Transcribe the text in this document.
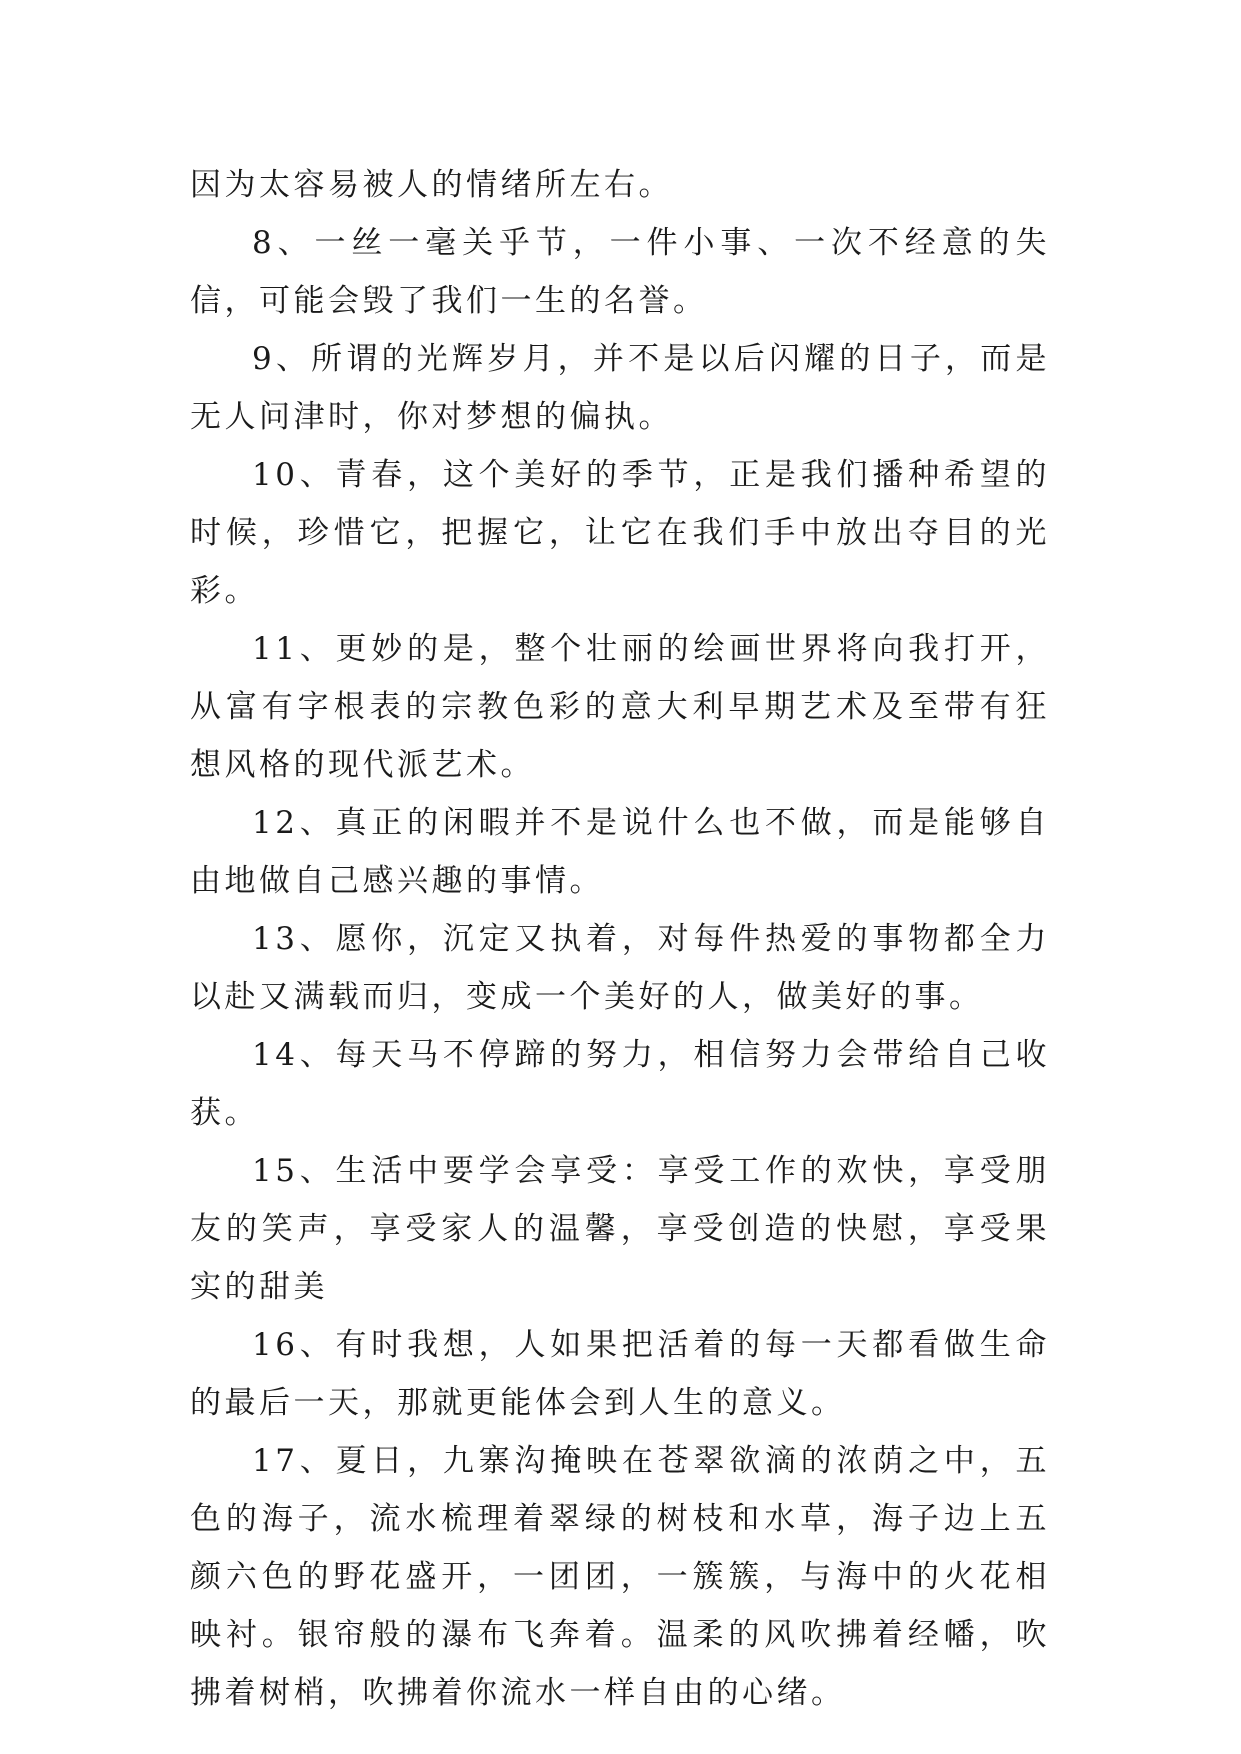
因为太容易被人的情绪所左右。

8、一丝一毫关乎节，一件小事、一次不经意的失信，可能会毁了我们一生的名誉。

9、所谓的光辉岁月，并不是以后闪耀的日子，而是无人问津时，你对梦想的偏执。

10、青春，这个美好的季节，正是我们播种希望的时候，珍惜它，把握它，让它在我们手中放出夺目的光彩。

11、更妙的是，整个壮丽的绘画世界将向我打开，从富有字根表的宗教色彩的意大利早期艺术及至带有狂想风格的现代派艺术。

12、真正的闲暇并不是说什么也不做，而是能够自由地做自己感兴趣的事情。

13、愿你，沉定又执着，对每件热爱的事物都全力以赴又满载而归，变成一个美好的人，做美好的事。

14、每天马不停蹄的努力，相信努力会带给自己收获。

15、生活中要学会享受：享受工作的欢快，享受朋友的笑声，享受家人的温馨，享受创造的快慰，享受果实的甜美

16、有时我想，人如果把活着的每一天都看做生命的最后一天，那就更能体会到人生的意义。

17、夏日，九寨沟掩映在苍翠欲滴的浓荫之中，五色的海子，流水梳理着翠绿的树枝和水草，海子边上五颜六色的野花盛开，一团团，一簇簇，与海中的火花相映衬。银帘般的瀑布飞奔着。温柔的风吹拂着经幡，吹拂着树梢，吹拂着你流水一样自由的心绪。
